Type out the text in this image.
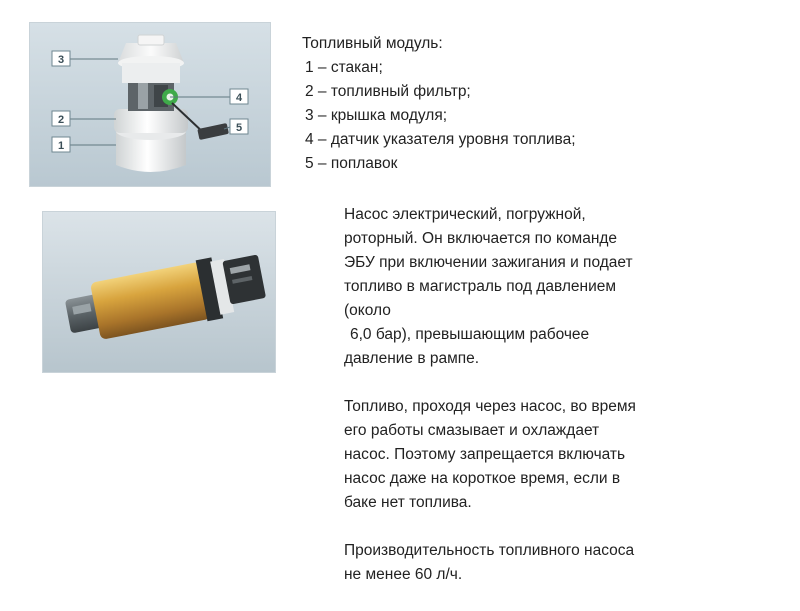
3
2
1
4
5

Топливный модуль:

1 – стакан;

2 – топливный фильтр;

3 – крышка модуля;

4 – датчик указателя уровня топлива;

5 – поплавок

Насос электрический, погружной,
роторный. Он включается по команде
ЭБУ при включении зажигания и подает
топливо в магистраль под давлением
(около
6,0 бар), превышающим рабочее
давление в рампе.

Топливо, проходя через насос, во время
его работы смазывает и охлаждает
насос. Поэтому запрещается включать
насос даже на короткое время, если в
баке нет топлива.

Производительность топливного насоса
не менее 60 л/ч.
